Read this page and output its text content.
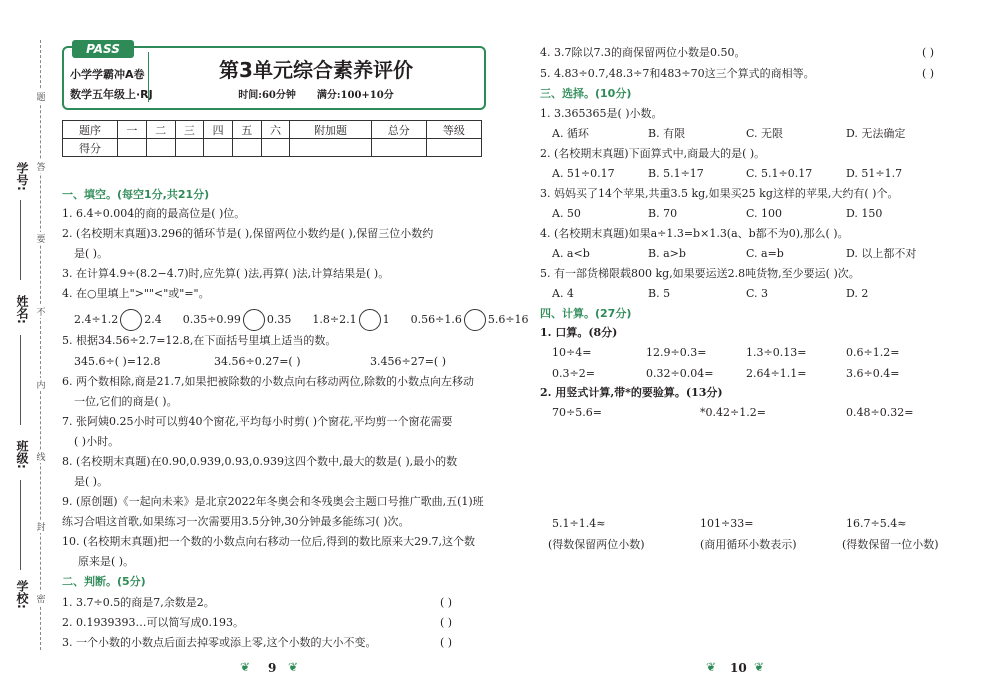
学号:
姓名:
班级:
学校:
题
答
要
不
内
线
封
密
PASS
小学学霸冲A卷
数学五年级上·RJ
第3单元综合素养评价
时间:60分钟 满分:100+10分
题序	一	二	三	四	五	六	附加题	总分	等级
得分									
一、填空。(每空1分,共21分)
1. 6.4÷0.004的商的最高位是( )位。
2. (名校期末真题)3.296的循环节是( ),保留两位小数约是( ),保留三位小数约
是( )。
3. 在计算4.9÷(8.2−4.7)时,应先算( )法,再算( )法,计算结果是( )。
4. 在○里填上">""<"或"="。
2.4÷1.2 2.4 0.35÷0.99 0.35 1.8÷2.1 1 0.56÷1.6 5.6÷16
5. 根据34.56÷2.7=12.8,在下面括号里填上适当的数。
345.6÷( )=12.8	34.56÷0.27=( )	3.456÷27=( )
6. 两个数相除,商是21.7,如果把被除数的小数点向右移动两位,除数的小数点向左移动
一位,它们的商是( )。
7. 张阿姨0.25小时可以剪40个窗花,平均每小时剪( )个窗花,平均剪一个窗花需要
( )小时。
8. (名校期末真题)在0.90,0.939,0.93,0.939这四个数中,最大的数是( ),最小的数
是( )。
9. (原创题)《一起向未来》是北京2022年冬奥会和冬残奥会主题口号推广歌曲,五(1)班
练习合唱这首歌,如果练习一次需要用3.5分钟,30分钟最多能练习( )次。
10. (名校期末真题)把一个数的小数点向右移动一位后,得到的数比原来大29.7,这个数
原来是( )。
二、判断。(5分)
1. 3.7÷0.5的商是7,余数是2。	( )
2. 0.1939393…可以简写成0.193。	( )
3. 一个小数的小数点后面去掉零或添上零,这个小数的大小不变。	( )
❦ 9 ❦
4. 3.7除以7.3的商保留两位小数是0.50。	( )
5. 4.83÷0.7,48.3÷7和483÷70这三个算式的商相等。	( )
三、选择。(10分)
1. 3.365365是( )小数。
A. 循环	B. 有限	C. 无限	D. 无法确定
2. (名校期末真题)下面算式中,商最大的是( )。
A. 51÷0.17	B. 5.1÷17	C. 5.1÷0.17	D. 51÷1.7
3. 妈妈买了14个苹果,共重3.5 kg,如果买25 kg这样的苹果,大约有( )个。
A. 50	B. 70	C. 100	D. 150
4. (名校期末真题)如果a÷1.3=b×1.3(a、b都不为0),那么( )。
A. a<b	B. a>b	C. a=b	D. 以上都不对
5. 有一部货梯限载800 kg,如果要运送2.8吨货物,至少要运( )次。
A. 4	B. 5	C. 3	D. 2
四、计算。(27分)
1. 口算。(8分)
10÷4=	12.9÷0.3=	1.3÷0.13=	0.6÷1.2=
0.3÷2=	0.32÷0.04=	2.64÷1.1=	3.6÷0.4=
2. 用竖式计算,带*的要验算。(13分)
70÷5.6=	*0.42÷1.2=	0.48÷0.32=
5.1÷1.4≈	101÷33=	16.7÷5.4≈
(得数保留两位小数)	(商用循环小数表示)	(得数保留一位小数)
❦ 10 ❦
